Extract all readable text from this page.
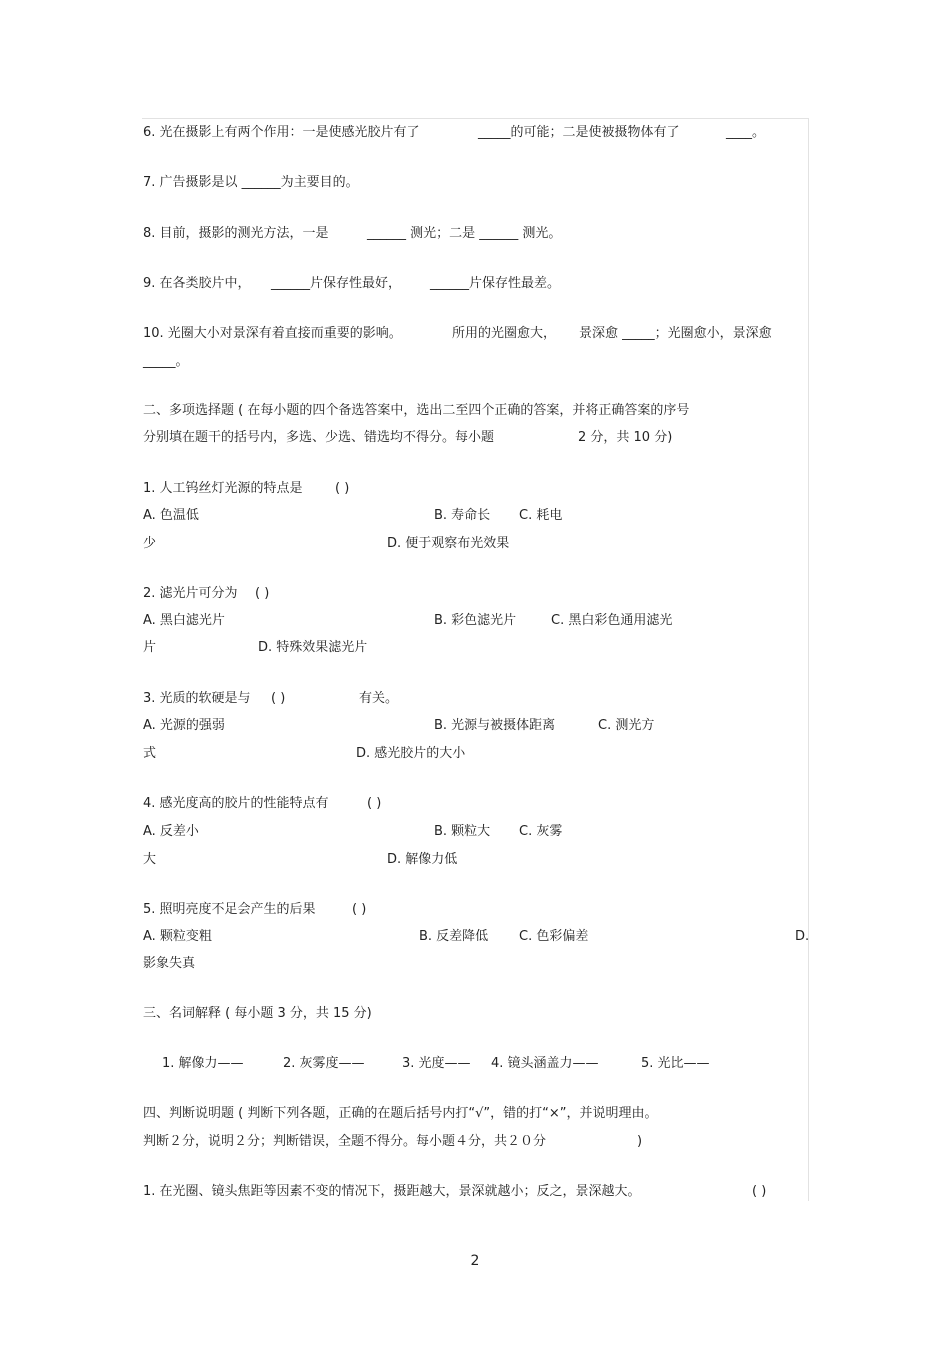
6. 光在摄影上有两个作用：一是使感光胶片有了	_____的可能；二是使被摄物体有了	____。
7. 广告摄影是以 ______为主要目的。
8. 目前，摄影的测光方法，一是	______ 测光；二是 ______ 测光。
9. 在各类胶片中， ______片保存性最好， ______片保存性最差。
10. 光圈大小对景深有着直接而重要的影响。	所用的光圈愈大， 景深愈 _____；光圈愈小，景深愈
_____。
二、多项选择题 ( 在每小题的四个备选答案中，选出二至四个正确的答案，并将正确答案的序号
分别填在题干的括号内，多选、少选、错选均不得分。每小题	2 分，共 10 分)
1. 人工钨丝灯光源的特点是 ( )
A. 色温低	B. 寿命长 C. 耗电
少	D. 便于观察布光效果
2. 滤光片可分为 ( )
A. 黑白滤光片	B. 彩色滤光片	C. 黑白彩色通用滤光
片	D. 特殊效果滤光片
3. 光质的软硬是与 ( )	有关。
A. 光源的强弱	B. 光源与被摄体距离	C. 测光方
式	D. 感光胶片的大小
4. 感光度高的胶片的性能特点有	( )
A. 反差小	B. 颗粒大 C. 灰雾
大	D. 解像力低
5. 照明亮度不足会产生的后果	( )
A. 颗粒变粗	B. 反差降低 C. 色彩偏差	D.
影象失真
三、名词解释 ( 每小题 3 分，共 15 分)
1. 解像力——	2. 灰雾度——	3. 光度—— 4. 镜头涵盖力——	5. 光比——
四、判断说明题 ( 判断下列各题，正确的在题后括号内打“√”，错的打“×”，并说明理由。
判断２分，说明２分；判断错误，全题不得分。每小题４分，共２０分	)
1. 在光圈、镜头焦距等因素不变的情况下，摄距越大，景深就越小；反之，景深越大。	( )
2
